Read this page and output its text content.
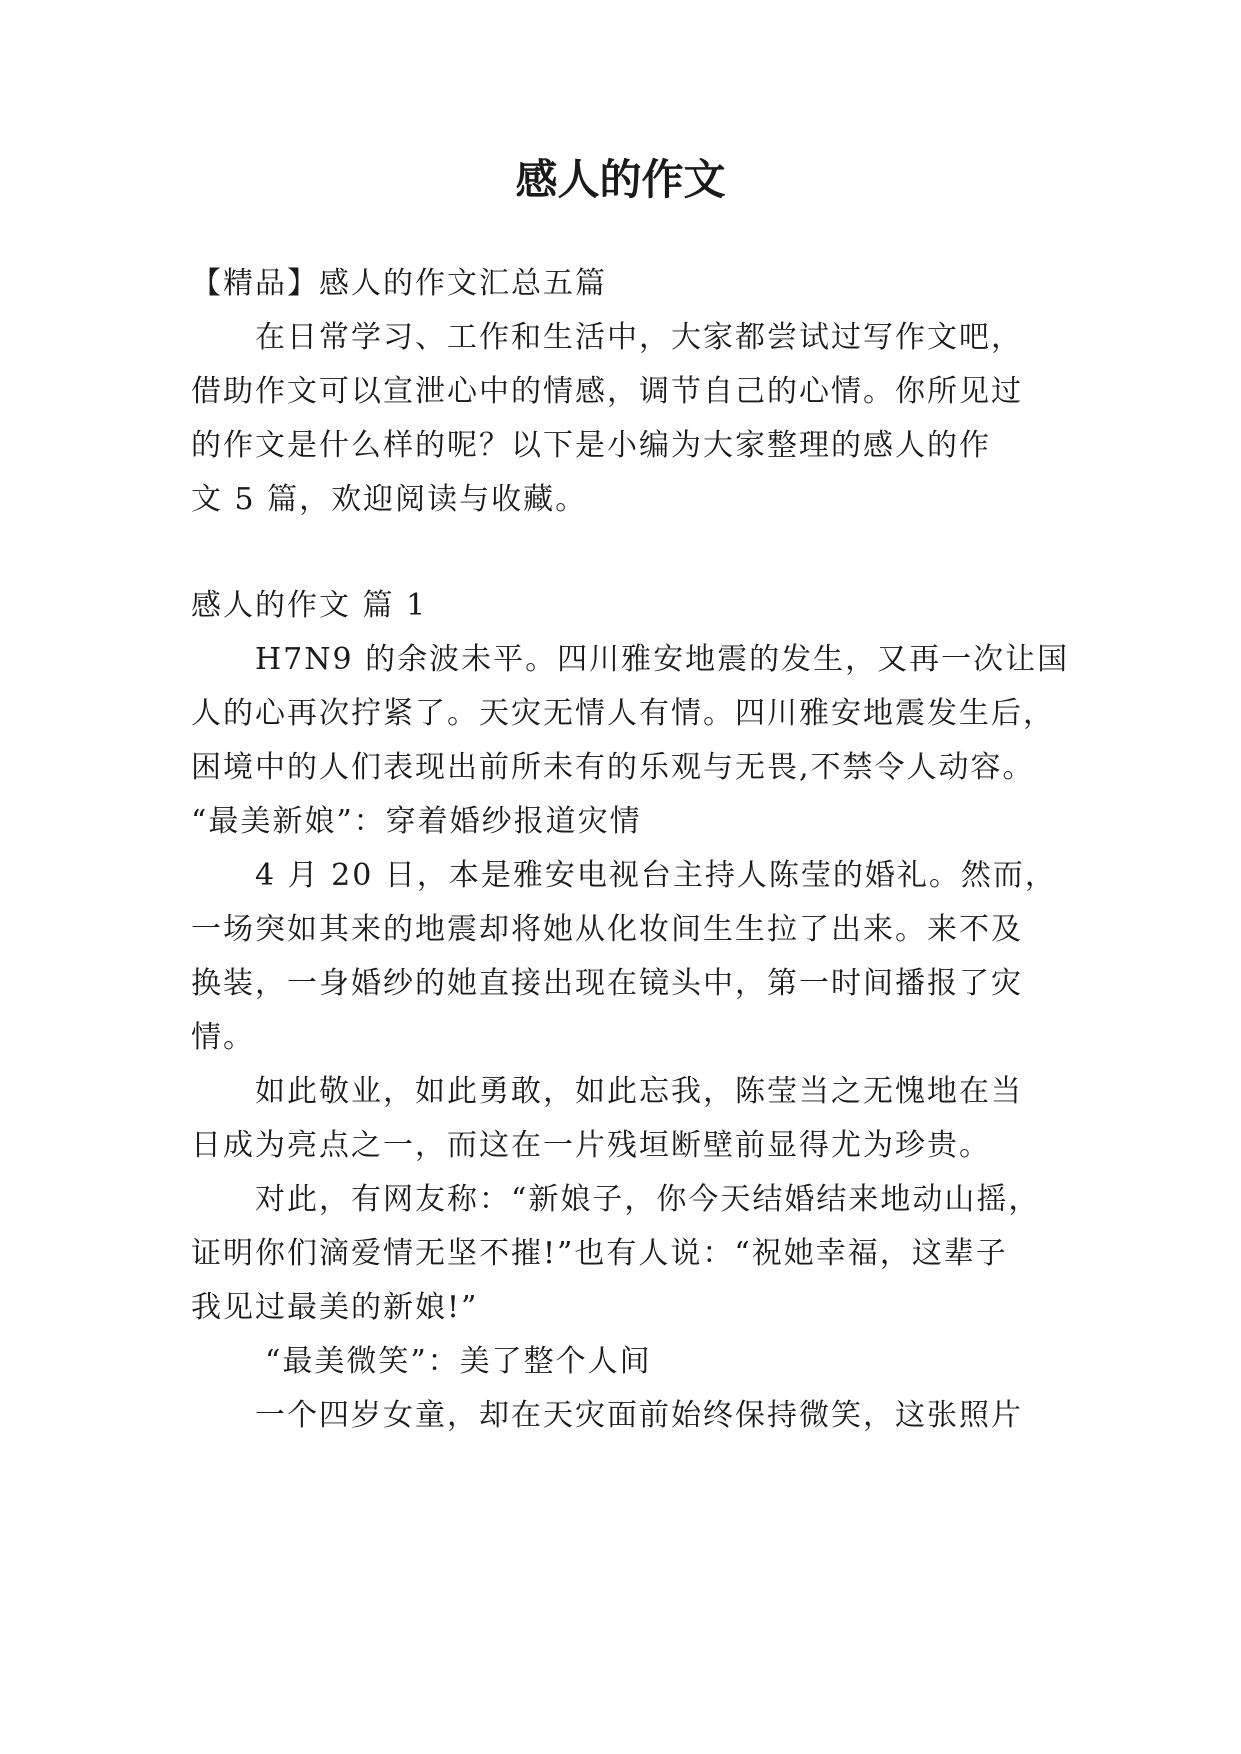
感人的作文
【精品】感人的作文汇总五篇
在日常学习、工作和生活中，大家都尝试过写作文吧，
借助作文可以宣泄心中的情感，调节自己的心情。你所见过
的作文是什么样的呢？以下是小编为大家整理的感人的作
文 5 篇，欢迎阅读与收藏。
感人的作文 篇 1
H7N9 的余波未平。四川雅安地震的发生，又再一次让国
人的心再次拧紧了。天灾无情人有情。四川雅安地震发生后，
困境中的人们表现出前所未有的乐观与无畏,不禁令人动容。
“最美新娘”：穿着婚纱报道灾情
4 月 20 日，本是雅安电视台主持人陈莹的婚礼。然而，
一场突如其来的地震却将她从化妆间生生拉了出来。来不及
换装，一身婚纱的她直接出现在镜头中，第一时间播报了灾
情。
如此敬业，如此勇敢，如此忘我，陈莹当之无愧地在当
日成为亮点之一，而这在一片残垣断壁前显得尤为珍贵。
对此，有网友称：“新娘子，你今天结婚结来地动山摇，
证明你们滴爱情无坚不摧!”也有人说：“祝她幸福，这辈子
我见过最美的新娘!”
“最美微笑”：美了整个人间
一个四岁女童，却在天灾面前始终保持微笑，这张照片
